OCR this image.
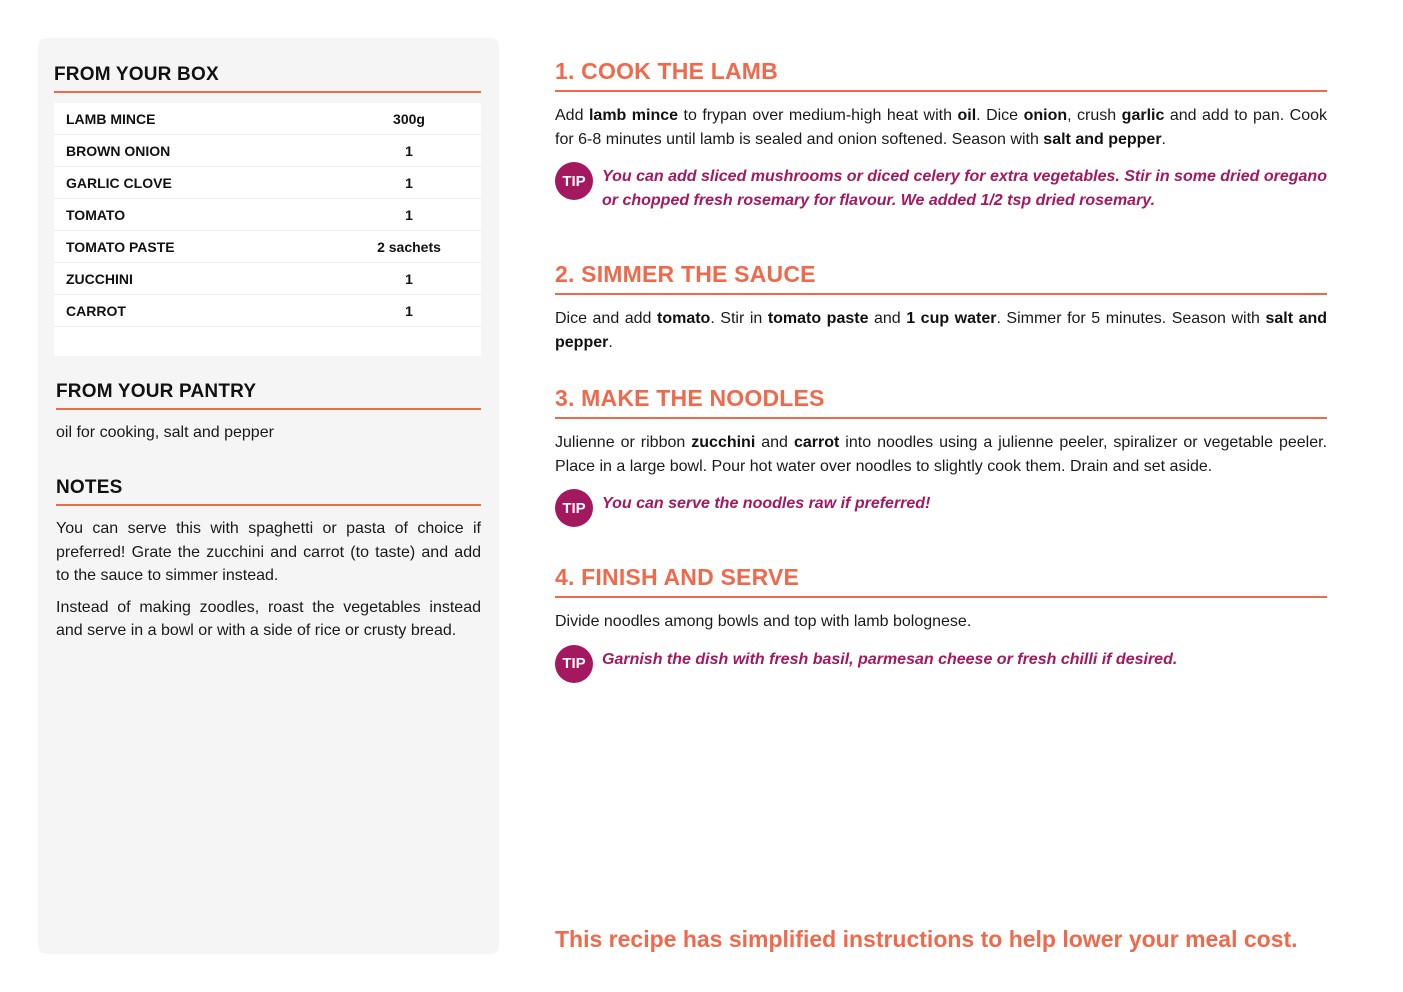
FROM YOUR BOX
LAMB MINCE	300g
BROWN ONION	1
GARLIC CLOVE	1
TOMATO	1
TOMATO PASTE	2 sachets
ZUCCHINI	1
CARROT	1
FROM YOUR PANTRY

oil for cooking, salt and pepper

NOTES

You can serve this with spaghetti or pasta of choice if preferred! Grate the zucchini and carrot (to taste) and add to the sauce to simmer instead.

Instead of making zoodles, roast the vegetables instead and serve in a bowl or with a side of rice or crusty bread.

1. COOK THE LAMB

Add lamb mince to frypan over medium-high heat with oil. Dice onion, crush garlic and add to pan. Cook for 6-8 minutes until lamb is sealed and onion softened. Season with salt and pepper.

TIP	You can add sliced mushrooms or diced celery for extra vegetables. Stir in some dried oregano or chopped fresh rosemary for flavour. We added 1/2 tsp dried rosemary.
2. SIMMER THE SAUCE

Dice and add tomato. Stir in tomato paste and 1 cup water. Simmer for 5 minutes. Season with salt and pepper.

3. MAKE THE NOODLES

Julienne or ribbon zucchini and carrot into noodles using a julienne peeler, spiralizer or vegetable peeler. Place in a large bowl. Pour hot water over noodles to slightly cook them. Drain and set aside.

TIP	You can serve the noodles raw if preferred!
4. FINISH AND SERVE

Divide noodles among bowls and top with lamb bolognese.

TIP	Garnish the dish with fresh basil, parmesan cheese or fresh chilli if desired.
This recipe has simplified instructions to help lower your meal cost.
